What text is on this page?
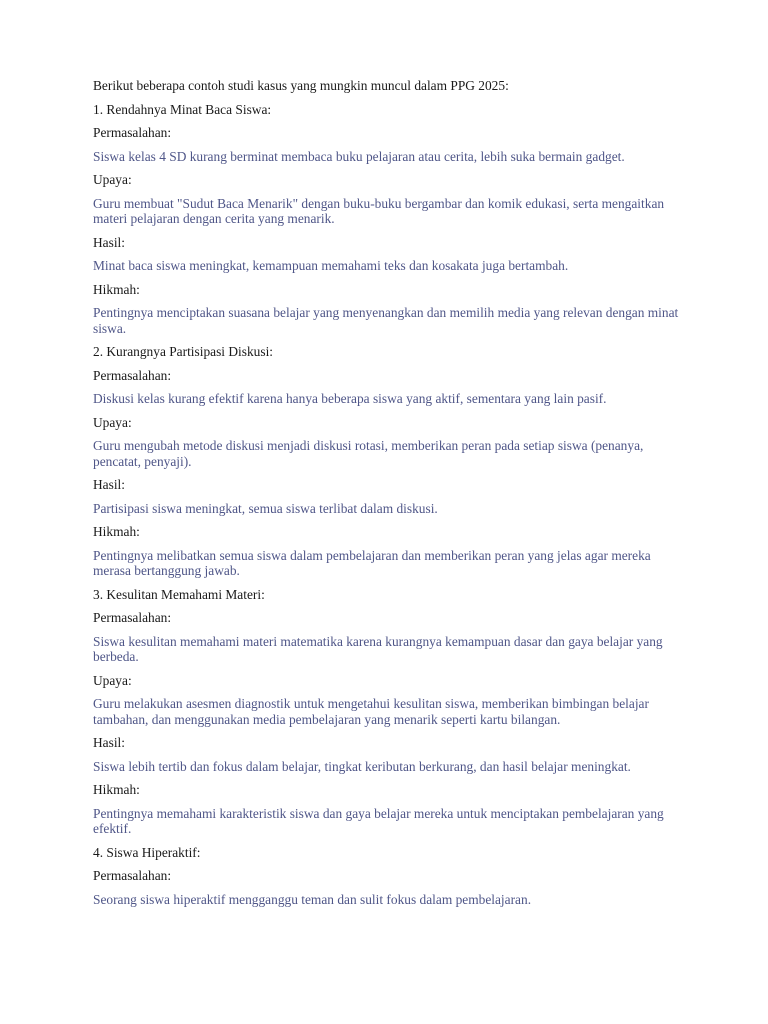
Berikut beberapa contoh studi kasus yang mungkin muncul dalam PPG 2025:

1. Rendahnya Minat Baca Siswa:

Permasalahan:

Siswa kelas 4 SD kurang berminat membaca buku pelajaran atau cerita, lebih suka bermain gadget.

Upaya:

Guru membuat "Sudut Baca Menarik" dengan buku-buku bergambar dan komik edukasi, serta mengaitkan materi pelajaran dengan cerita yang menarik.

Hasil:

Minat baca siswa meningkat, kemampuan memahami teks dan kosakata juga bertambah.

Hikmah:

Pentingnya menciptakan suasana belajar yang menyenangkan dan memilih media yang relevan dengan minat siswa.

2. Kurangnya Partisipasi Diskusi:

Permasalahan:

Diskusi kelas kurang efektif karena hanya beberapa siswa yang aktif, sementara yang lain pasif.

Upaya:

Guru mengubah metode diskusi menjadi diskusi rotasi, memberikan peran pada setiap siswa (penanya, pencatat, penyaji).

Hasil:

Partisipasi siswa meningkat, semua siswa terlibat dalam diskusi.

Hikmah:

Pentingnya melibatkan semua siswa dalam pembelajaran dan memberikan peran yang jelas agar mereka merasa bertanggung jawab.

3. Kesulitan Memahami Materi:

Permasalahan:

Siswa kesulitan memahami materi matematika karena kurangnya kemampuan dasar dan gaya belajar yang berbeda.

Upaya:

Guru melakukan asesmen diagnostik untuk mengetahui kesulitan siswa, memberikan bimbingan belajar tambahan, dan menggunakan media pembelajaran yang menarik seperti kartu bilangan.

Hasil:

Siswa lebih tertib dan fokus dalam belajar, tingkat keributan berkurang, dan hasil belajar meningkat.

Hikmah:

Pentingnya memahami karakteristik siswa dan gaya belajar mereka untuk menciptakan pembelajaran yang efektif.

4. Siswa Hiperaktif:

Permasalahan:

Seorang siswa hiperaktif mengganggu teman dan sulit fokus dalam pembelajaran.
